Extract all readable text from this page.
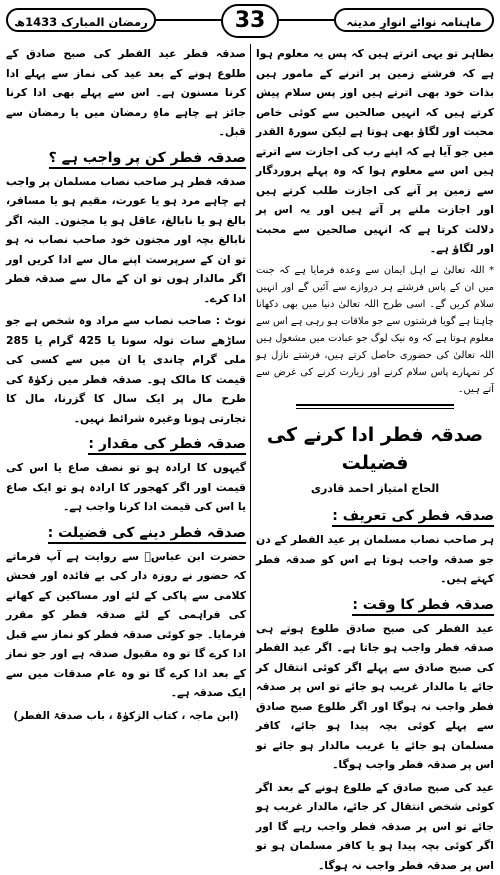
رمضان المبارک 1433ھ	33	ماہنامہ نوائے انوارِ مدینہ

بظاہر تو یہی اترتے ہیں کہ پس یہ معلوم ہوا ہے کہ فرشتے زمین پر اترنے کے مامور ہیں بذات خود بھی اترتے ہیں اور پس سلام پیش کرتے ہیں کہ انہیں صالحین سے کوئی خاص محبت اور لگاؤ بھی ہوتا ہے لیکن سورۃ القدر میں جو آیا ہے کہ اپنے رب کی اجازت سے اترتے ہیں اس سے معلوم ہوا کہ وہ پہلے پروردگار سے زمین پر آنے کی اجازت طلب کرتے ہیں اور اجازت ملنے پر آتے ہیں اور یہ اس پر دلالت کرتا ہے کہ انہیں صالحین سے محبت اور لگاؤ ہے۔

* اللہ تعالیٰ نے اہل ایمان سے وعدہ فرمایا ہے کہ جنت میں ان کے پاس فرشتے ہر دروازے سے آئیں گے اور انہیں سلام کریں گے۔ اسی طرح اللہ تعالیٰ دنیا میں بھی دکھانا چاہتا ہے گویا فرشتوں سے جو ملاقات ہو رہی ہے اس سے معلوم ہوتا ہے کہ وہ نیک لوگ جو عبادت میں مشغول ہیں اللہ تعالیٰ کی حضوری حاصل کرتے ہیں، فرشتے نازل ہو کر تمہارے پاس سلام کرنے اور زیارت کرنے کی غرض سے آتے ہیں۔

صدقہ فطر ادا کرنے کی فضیلت
الحاج امتیاز احمد قادری
صدقہ فطر کی تعریف :

ہر صاحب نصاب مسلمان پر عید الفطر کے دن جو صدقہ واجب ہوتا ہے اس کو صدقہ فطر کہتے ہیں۔

صدقہ فطر کا وقت :

عید الفطر کی صبح صادق طلوع ہوتے ہی صدقہ فطر واجب ہو جاتا ہے۔ اگر عید الفطر کی صبح صادق سے پہلے اگر کوئی انتقال کر جائے یا مالدار غریب ہو جائے تو اس پر صدقہ فطر واجب نہ ہوگا اور اگر طلوع صبح صادق سے پہلے کوئی بچہ پیدا ہو جائے، کافر مسلمان ہو جائے یا غریب مالدار ہو جائے تو اس پر صدقہ فطر واجب ہوگا۔

عید کی صبح صادق کے طلوع ہونے کے بعد اگر کوئی شخص انتقال کر جائے، مالدار غریب ہو جائے تو اس پر صدقہ فطر واجب رہے گا اور اگر کوئی بچہ پیدا ہو یا کافر مسلمان ہو تو اس پر صدقہ فطر واجب نہ ہوگا۔

صدقہ فطر عید الفطر کی صبح صادق کے طلوع ہونے کے بعد عید کی نماز سے پہلے ادا کرنا مسنون ہے۔ اس سے پہلے بھی ادا کرنا جائز ہے چاہے ماہِ رمضان میں یا رمضان سے قبل۔

صدقہ فطر کن پر واجب ہے ؟

صدقہ فطر ہر صاحب نصاب مسلمان پر واجب ہے چاہے مرد ہو یا عورت، مقیم ہو یا مسافر، بالغ ہو یا نابالغ، عاقل ہو یا مجنون۔ البتہ اگر نابالغ بچہ اور مجنون خود صاحب نصاب نہ ہو تو ان کے سرپرست اپنے مال سے ادا کریں اور اگر مالدار ہوں تو ان کے مال سے صدقہ فطر ادا کرے۔

نوٹ : صاحب نصاب سے مراد وہ شخص ہے جو ساڑھے سات تولہ سونا یا 425 گرام یا 285 ملی گرام چاندی یا ان میں سے کسی کی قیمت کا مالک ہو۔ صدقہ فطر میں زکوٰۃ کی طرح مال پر ایک سال کا گزرنا، مال کا تجارتی ہونا وغیرہ شرائط نہیں۔

صدقہ فطر کی مقدار :

گیہوں کا ارادہ ہو تو نصف صاع یا اس کی قیمت اور اگر کھجور کا ارادہ ہو تو ایک صاع یا اس کی قیمت ادا کرنا واجب ہے۔

صدقہ فطر دینے کی فضیلت :

حضرت ابن عباسؓ سے روایت ہے آپ فرماتے کہ حضور نے روزہ دار کی بے فائدہ اور فحش کلامی سے پاکی کے لئے اور مساکین کے کھانے کی فراہمی کے لئے صدقہ فطر کو مقرر فرمایا۔ جو کوئی صدقہ فطر کو نماز سے قبل ادا کرے گا تو وہ مقبول صدقہ ہے اور جو نماز کے بعد ادا کرے گا تو وہ عام صدقات میں سے ایک صدقہ ہے۔

(ابن ماجہ ، کتاب الزکوٰۃ ، باب صدقۃ الفطر)
